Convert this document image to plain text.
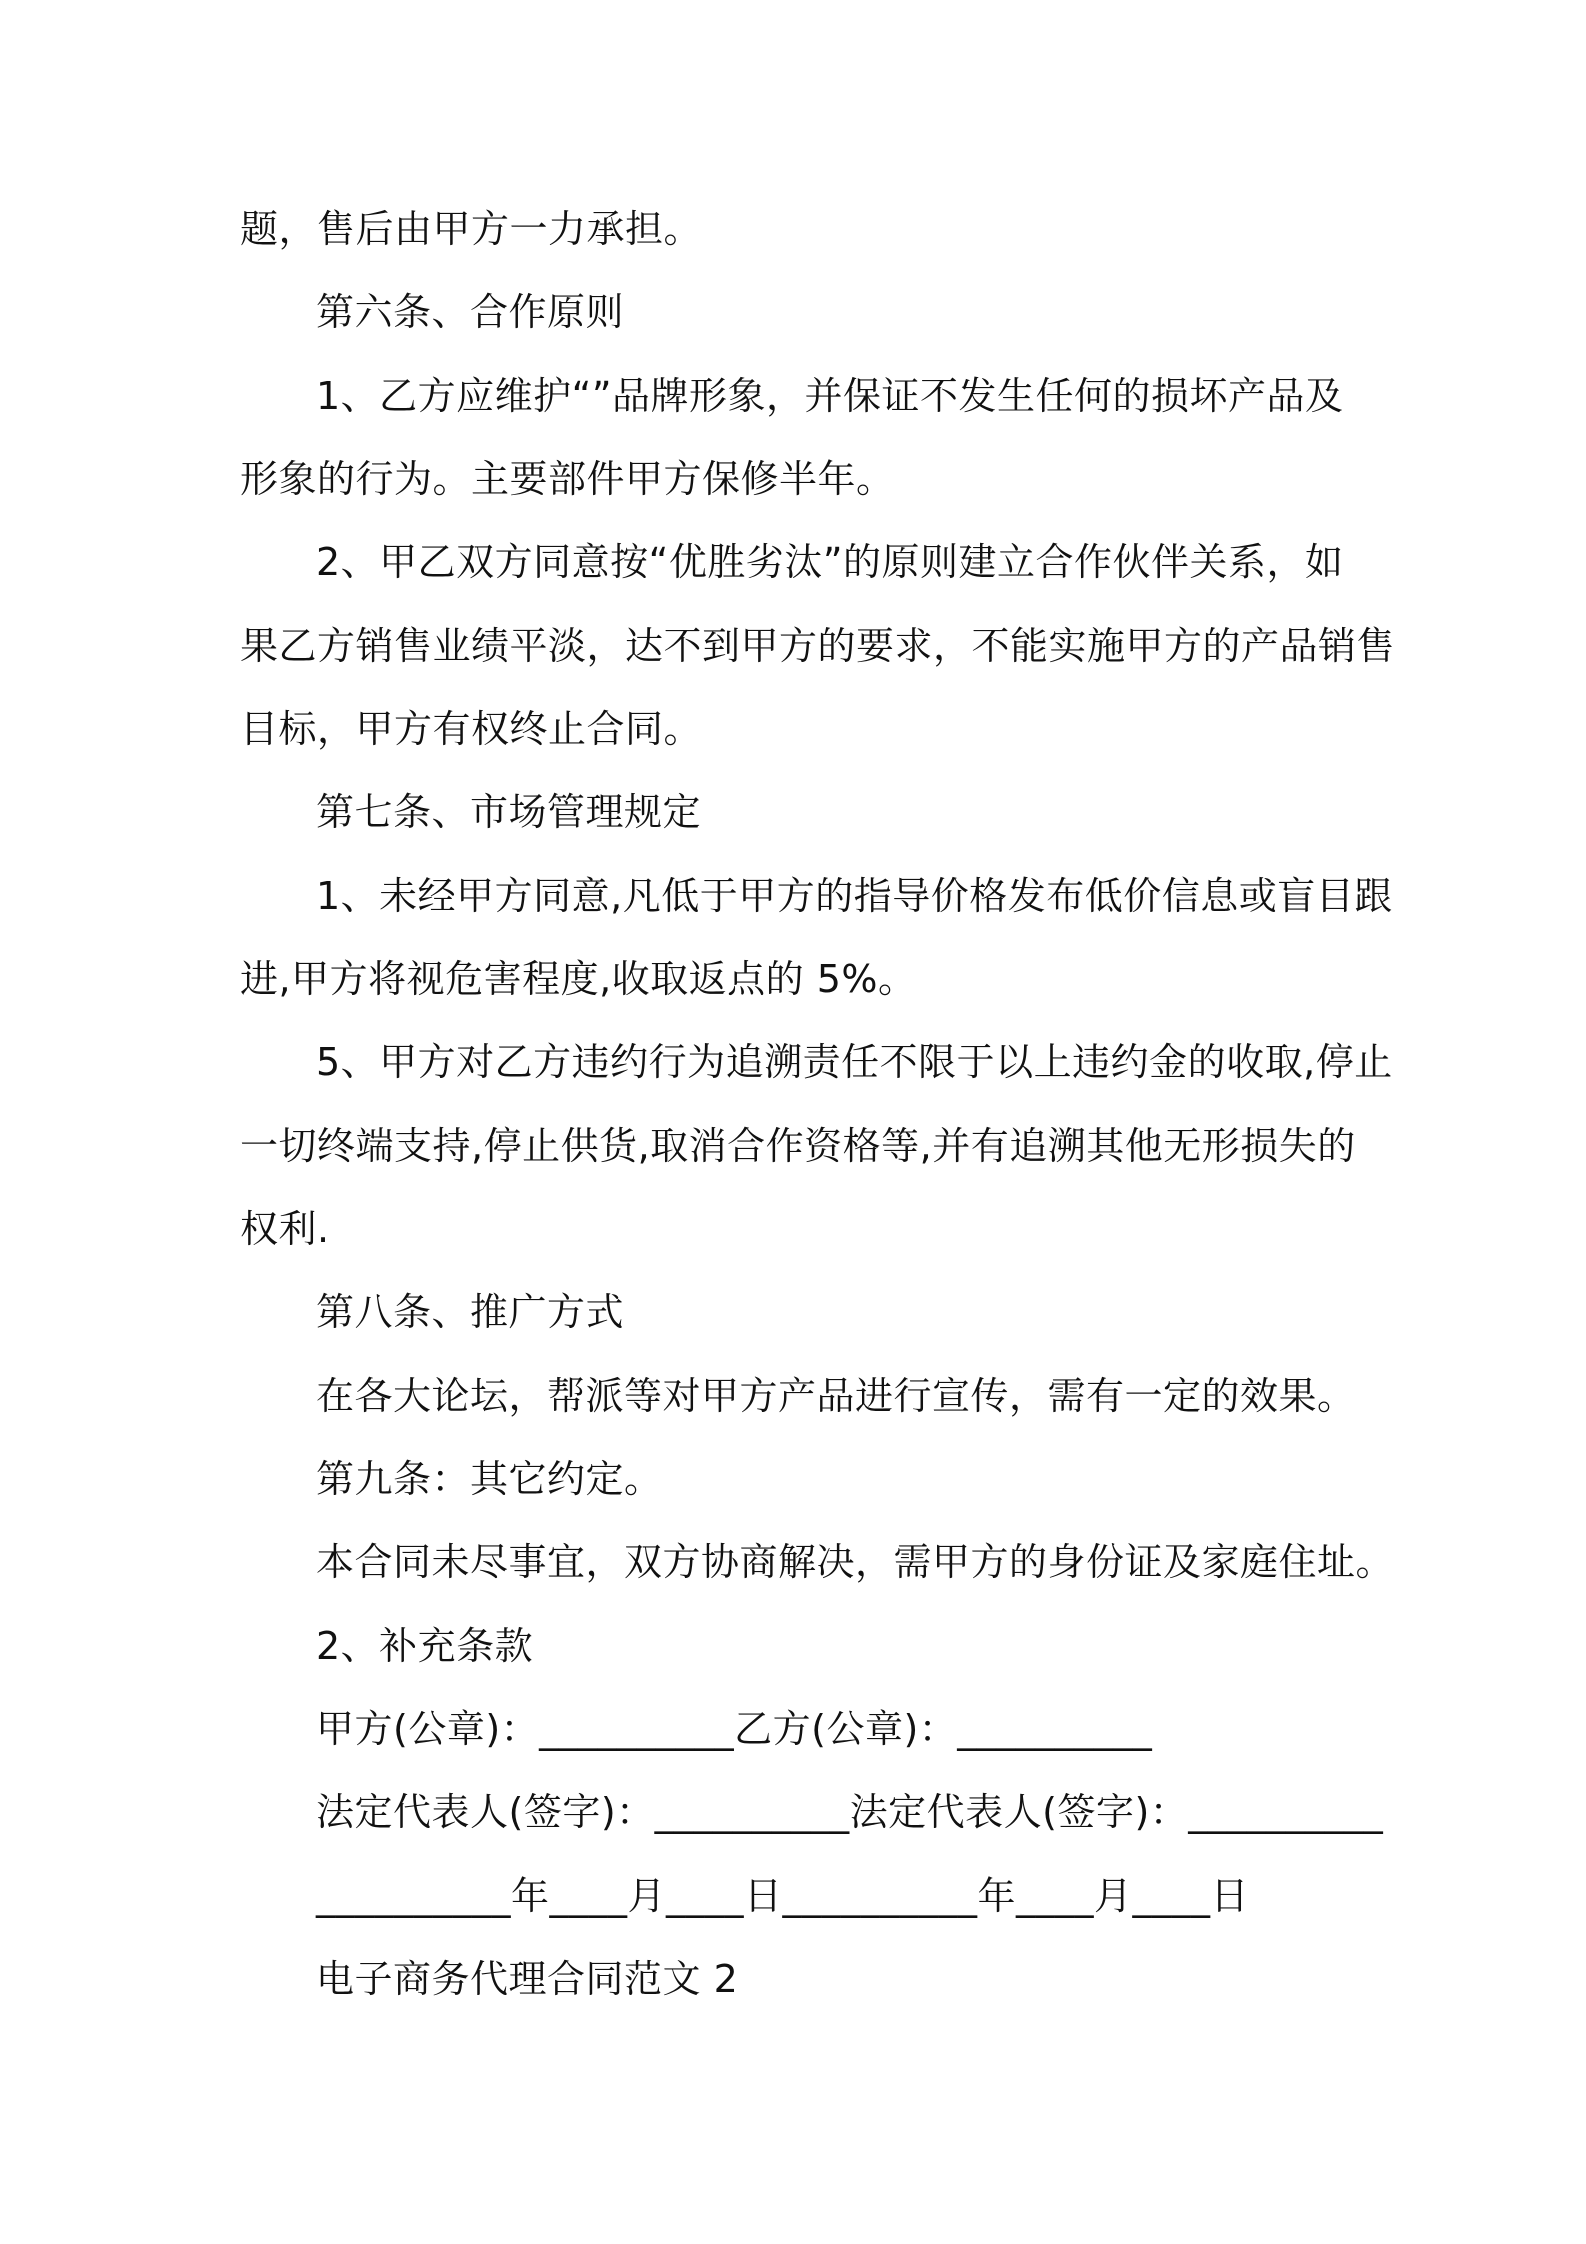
题，售后由甲方一力承担。
第六条、合作原则
1、乙方应维护“”品牌形象，并保证不发生任何的损坏产品及
形象的行为。主要部件甲方保修半年。
2、甲乙双方同意按“优胜劣汰”的原则建立合作伙伴关系，如
果乙方销售业绩平淡，达不到甲方的要求，不能实施甲方的产品销售
目标，甲方有权终止合同。
第七条、市场管理规定
1、未经甲方同意,凡低于甲方的指导价格发布低价信息或盲目跟
进,甲方将视危害程度,收取返点的 5%。
5、甲方对乙方违约行为追溯责任不限于以上违约金的收取,停止
一切终端支持,停止供货,取消合作资格等,并有追溯其他无形损失的
权利.
第八条、推广方式
在各大论坛，帮派等对甲方产品进行宣传，需有一定的效果。
第九条：其它约定。
本合同未尽事宜，双方协商解决，需甲方的身份证及家庭住址。
2、补充条款
甲方(公章)：__________乙方(公章)：__________
法定代表人(签字)：__________法定代表人(签字)：__________
__________年____月____日__________年____月____日
电子商务代理合同范文 2
